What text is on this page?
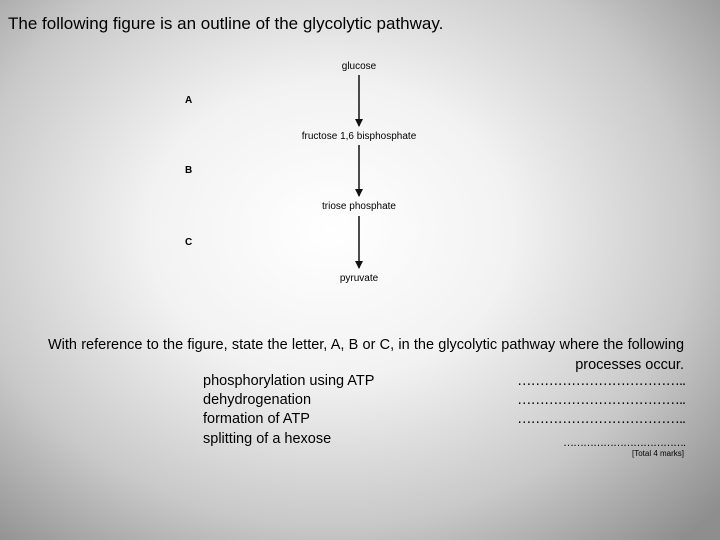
The following figure is an outline of the glycolytic pathway.
glucose
fructose 1,6 bisphosphate
triose phosphate
pyruvate
A
B
C
With reference to the figure, state the letter, A, B or C, in the glycolytic pathway where the following processes occur.
phosphorylation using ATP	………………………………..
dehydrogenation	………………………………..
formation of ATP	………………………………..
splitting of a hexose	……………………………….
[Total 4 marks]
